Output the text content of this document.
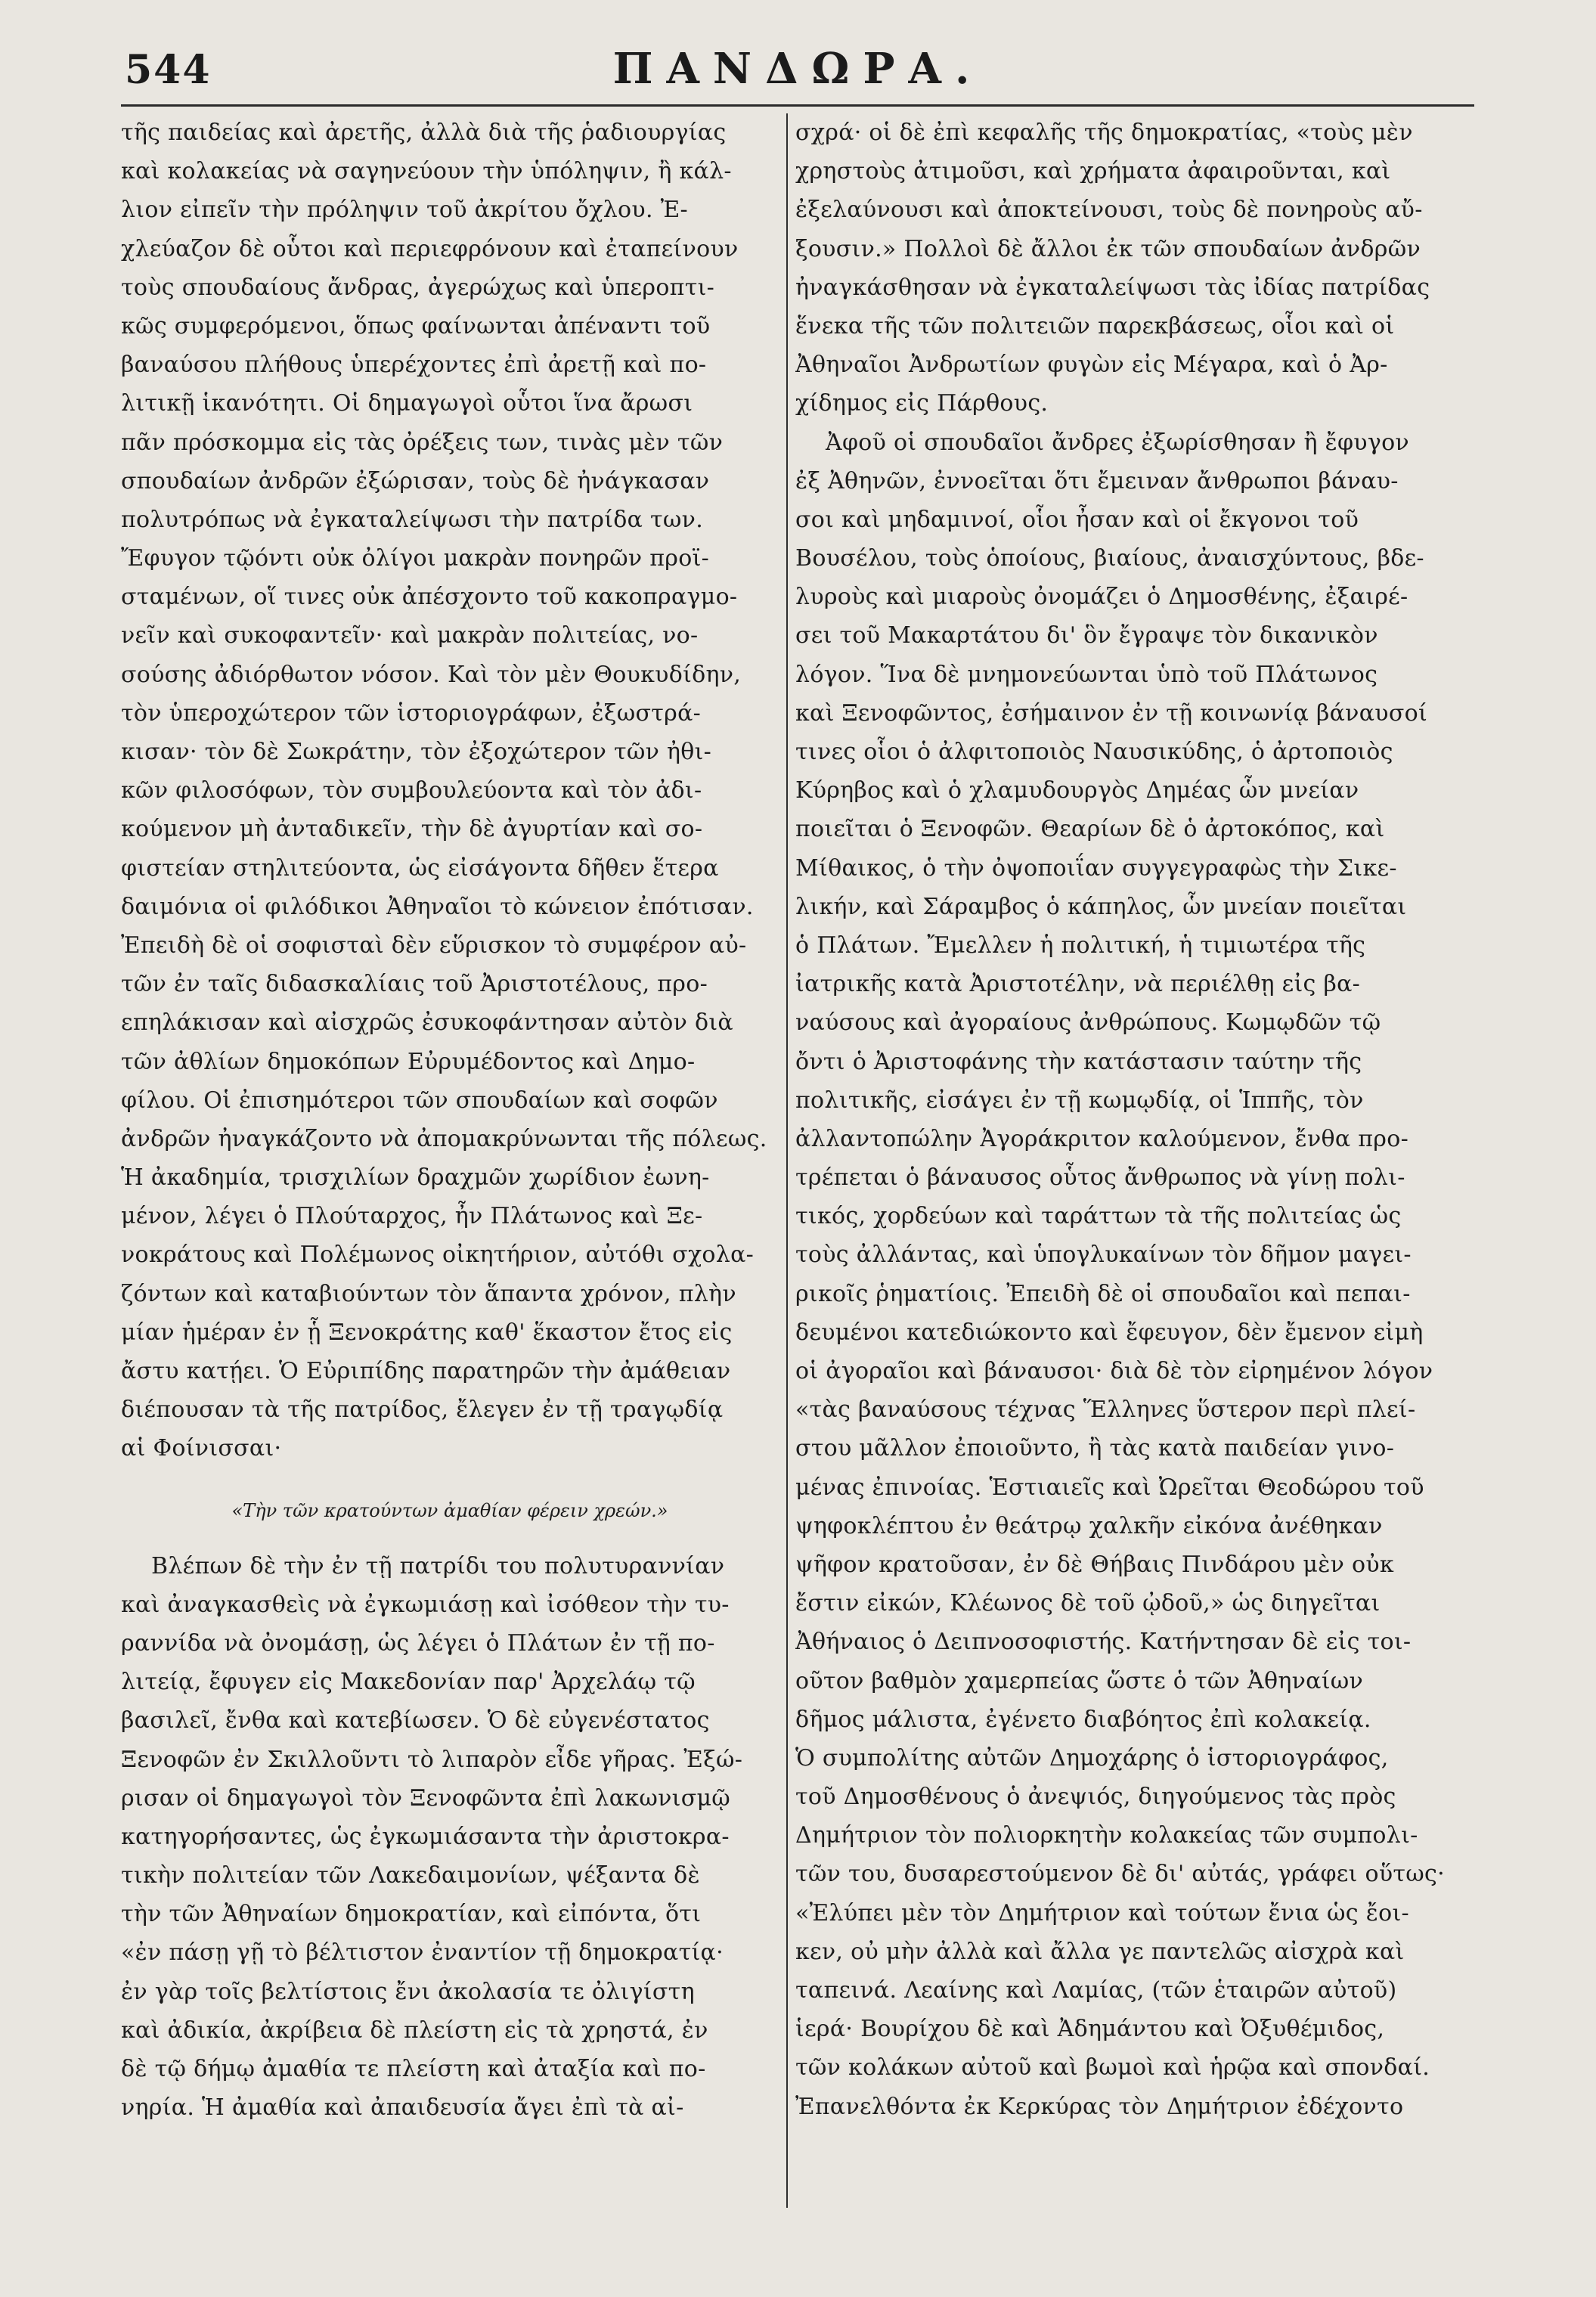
544	ΠΑΝΔΩΡΑ.
τῆς παιδείας καὶ ἀρετῆς, ἀλλὰ διὰ τῆς ῥαδιουργίας
καὶ κολακείας νὰ σαγηνεύουν τὴν ὑπόληψιν, ἢ κάλ-
λιον εἰπεῖν τὴν πρόληψιν τοῦ ἀκρίτου ὄχλου. Ἐ-
χλεύαζον δὲ οὗτοι καὶ περιεφρόνουν καὶ ἐταπείνουν
τοὺς σπουδαίους ἄνδρας, ἀγερώχως καὶ ὑπεροπτι-
κῶς συμφερόμενοι, ὅπως φαίνωνται ἀπέναντι τοῦ
βαναύσου πλήθους ὑπερέχοντες ἐπὶ ἀρετῇ καὶ πο-
λιτικῇ ἱκανότητι. Οἱ δημαγωγοὶ οὗτοι ἵνα ἄρωσι
πᾶν πρόσκομμα εἰς τὰς ὀρέξεις των, τινὰς μὲν τῶν
σπουδαίων ἀνδρῶν ἐξώρισαν, τοὺς δὲ ἠνάγκασαν
πολυτρόπως νὰ ἐγκαταλείψωσι τὴν πατρίδα των.
Ἔφυγον τῷόντι οὐκ ὀλίγοι μακρὰν πονηρῶν προϊ-
σταμένων, οἵ τινες οὐκ ἀπέσχοντο τοῦ κακοπραγμο-
νεῖν καὶ συκοφαντεῖν· καὶ μακρὰν πολιτείας, νο-
σούσης ἀδιόρθωτον νόσον. Καὶ τὸν μὲν Θουκυδίδην,
τὸν ὑπεροχώτερον τῶν ἱστοριογράφων, ἐξωστρά-
κισαν· τὸν δὲ Σωκράτην, τὸν ἐξοχώτερον τῶν ἠθι-
κῶν φιλοσόφων, τὸν συμβουλεύοντα καὶ τὸν ἀδι-
κούμενον μὴ ἀνταδικεῖν, τὴν δὲ ἀγυρτίαν καὶ σο-
φιστείαν στηλιτεύοντα, ὡς εἰσάγοντα δῆθεν ἕτερα
δαιμόνια οἱ φιλόδικοι Ἀθηναῖοι τὸ κώνειον ἐπότισαν.
Ἐπειδὴ δὲ οἱ σοφισταὶ δὲν εὕρισκον τὸ συμφέρον αὐ-
τῶν ἐν ταῖς διδασκαλίαις τοῦ Ἀριστοτέλους, προ-
επηλάκισαν καὶ αἰσχρῶς ἐσυκοφάντησαν αὐτὸν διὰ
τῶν ἀθλίων δημοκόπων Εὐρυμέδοντος καὶ Δημο-
φίλου. Οἱ ἐπισημότεροι τῶν σπουδαίων καὶ σοφῶν
ἀνδρῶν ἠναγκάζοντο νὰ ἀπομακρύνωνται τῆς πόλεως.
Ἡ ἀκαδημία, τρισχιλίων δραχμῶν χωρίδιον ἐωνη-
μένον, λέγει ὁ Πλούταρχος, ἦν Πλάτωνος καὶ Ξε-
νοκράτους καὶ Πολέμωνος οἰκητήριον, αὐτόθι σχολα-
ζόντων καὶ καταβιούντων τὸν ἅπαντα χρόνον, πλὴν
μίαν ἡμέραν ἐν ᾗ Ξενοκράτης καθ' ἕκαστον ἔτος εἰς
ἄστυ κατῄει. Ὁ Εὐριπίδης παρατηρῶν τὴν ἀμάθειαν
διέπουσαν τὰ τῆς πατρίδος, ἔλεγεν ἐν τῇ τραγῳδίᾳ
αἱ Φοίνισσαι·
«Τὴν τῶν κρατούντων ἀμαθίαν φέρειν χρεών.»
Βλέπων δὲ τὴν ἐν τῇ πατρίδι του πολυτυραννίαν
καὶ ἀναγκασθεὶς νὰ ἐγκωμιάσῃ καὶ ἰσόθεον τὴν τυ-
ραννίδα νὰ ὀνομάσῃ, ὡς λέγει ὁ Πλάτων ἐν τῇ πο-
λιτείᾳ, ἔφυγεν εἰς Μακεδονίαν παρ' Ἀρχελάῳ τῷ
βασιλεῖ, ἔνθα καὶ κατεβίωσεν. Ὁ δὲ εὐγενέστατος
Ξενοφῶν ἐν Σκιλλοῦντι τὸ λιπαρὸν εἶδε γῆρας. Ἐξώ-
ρισαν οἱ δημαγωγοὶ τὸν Ξενοφῶντα ἐπὶ λακωνισμῷ
κατηγορήσαντες, ὡς ἐγκωμιάσαντα τὴν ἀριστοκρα-
τικὴν πολιτείαν τῶν Λακεδαιμονίων, ψέξαντα δὲ
τὴν τῶν Ἀθηναίων δημοκρατίαν, καὶ εἰπόντα, ὅτι
«ἐν πάσῃ γῇ τὸ βέλτιστον ἐναντίον τῇ δημοκρατίᾳ·
ἐν γὰρ τοῖς βελτίστοις ἔνι ἀκολασία τε ὀλιγίστη
καὶ ἀδικία, ἀκρίβεια δὲ πλείστη εἰς τὰ χρηστά, ἐν
δὲ τῷ δήμῳ ἀμαθία τε πλείστη καὶ ἀταξία καὶ πο-
νηρία. Ἡ ἀμαθία καὶ ἀπαιδευσία ἄγει ἐπὶ τὰ αἰ-
σχρά· οἱ δὲ ἐπὶ κεφαλῆς τῆς δημοκρατίας, «τοὺς μὲν
χρηστοὺς ἀτιμοῦσι, καὶ χρήματα ἀφαιροῦνται, καὶ
ἐξελαύνουσι καὶ ἀποκτείνουσι, τοὺς δὲ πονηροὺς αὔ-
ξουσιν.» Πολλοὶ δὲ ἄλλοι ἐκ τῶν σπουδαίων ἀνδρῶν
ἠναγκάσθησαν νὰ ἐγκαταλείψωσι τὰς ἰδίας πατρίδας
ἕνεκα τῆς τῶν πολιτειῶν παρεκβάσεως, οἷοι καὶ οἱ
Ἀθηναῖοι Ἀνδρωτίων φυγὼν εἰς Μέγαρα, καὶ ὁ Ἀρ-
χίδημος εἰς Πάρθους.
Ἀφοῦ οἱ σπουδαῖοι ἄνδρες ἐξωρίσθησαν ἢ ἔφυγον
ἐξ Ἀθηνῶν, ἐννοεῖται ὅτι ἔμειναν ἄνθρωποι βάναυ-
σοι καὶ μηδαμινοί, οἷοι ἦσαν καὶ οἱ ἔκγονοι τοῦ
Βουσέλου, τοὺς ὁποίους, βιαίους, ἀναισχύντους, βδε-
λυροὺς καὶ μιαροὺς ὀνομάζει ὁ Δημοσθένης, ἐξαιρέ-
σει τοῦ Μακαρτάτου δι' ὃν ἔγραψε τὸν δικανικὸν
λόγον. Ἵνα δὲ μνημονεύωνται ὑπὸ τοῦ Πλάτωνος
καὶ Ξενοφῶντος, ἐσήμαινον ἐν τῇ κοινωνίᾳ βάναυσοί
τινες οἷοι ὁ ἀλφιτοποιὸς Ναυσικύδης, ὁ ἀρτοποιὸς
Κύρηβος καὶ ὁ χλαμυδουργὸς Δημέας ὧν μνείαν
ποιεῖται ὁ Ξενοφῶν. Θεαρίων δὲ ὁ ἀρτοκόπος, καὶ
Μίθαικος, ὁ τὴν ὀψοποιΐαν συγγεγραφὼς τὴν Σικε-
λικήν, καὶ Σάραμβος ὁ κάπηλος, ὧν μνείαν ποιεῖται
ὁ Πλάτων. Ἔμελλεν ἡ πολιτική, ἡ τιμιωτέρα τῆς
ἰατρικῆς κατὰ Ἀριστοτέλην, νὰ περιέλθῃ εἰς βα-
ναύσους καὶ ἀγοραίους ἀνθρώπους. Κωμῳδῶν τῷ
ὄντι ὁ Ἀριστοφάνης τὴν κατάστασιν ταύτην τῆς
πολιτικῆς, εἰσάγει ἐν τῇ κωμῳδίᾳ, οἱ Ἱππῆς, τὸν
ἀλλαντοπώλην Ἀγοράκριτον καλούμενον, ἔνθα προ-
τρέπεται ὁ βάναυσος οὗτος ἄνθρωπος νὰ γίνῃ πολι-
τικός, χορδεύων καὶ ταράττων τὰ τῆς πολιτείας ὡς
τοὺς ἀλλάντας, καὶ ὑπογλυκαίνων τὸν δῆμον μαγει-
ρικοῖς ῥηματίοις. Ἐπειδὴ δὲ οἱ σπουδαῖοι καὶ πεπαι-
δευμένοι κατεδιώκοντο καὶ ἔφευγον, δὲν ἔμενον εἰμὴ
οἱ ἀγοραῖοι καὶ βάναυσοι· διὰ δὲ τὸν εἰρημένον λόγον
«τὰς βαναύσους τέχνας Ἕλληνες ὕστερον περὶ πλεί-
στου μᾶλλον ἐποιοῦντο, ἢ τὰς κατὰ παιδείαν γινο-
μένας ἐπινοίας. Ἑστιαιεῖς καὶ Ὠρεῖται Θεοδώρου τοῦ
ψηφοκλέπτου ἐν θεάτρῳ χαλκῆν εἰκόνα ἀνέθηκαν
ψῆφον κρατοῦσαν, ἐν δὲ Θήβαις Πινδάρου μὲν οὐκ
ἔστιν εἰκών, Κλέωνος δὲ τοῦ ᾠδοῦ,» ὡς διηγεῖται
Ἀθήναιος ὁ Δειπνοσοφιστής. Κατήντησαν δὲ εἰς τοι-
οῦτον βαθμὸν χαμερπείας ὥστε ὁ τῶν Ἀθηναίων
δῆμος μάλιστα, ἐγένετο διαβόητος ἐπὶ κολακείᾳ.
Ὁ συμπολίτης αὐτῶν Δημοχάρης ὁ ἱστοριογράφος,
τοῦ Δημοσθένους ὁ ἀνεψιός, διηγούμενος τὰς πρὸς
Δημήτριον τὸν πολιορκητὴν κολακείας τῶν συμπολι-
τῶν του, δυσαρεστούμενον δὲ δι' αὐτάς, γράφει οὕτως·
«Ἐλύπει μὲν τὸν Δημήτριον καὶ τούτων ἔνια ὡς ἔοι-
κεν, οὐ μὴν ἀλλὰ καὶ ἄλλα γε παντελῶς αἰσχρὰ καὶ
ταπεινά. Λεαίνης καὶ Λαμίας, (τῶν ἑταιρῶν αὐτοῦ)
ἱερά· Βουρίχου δὲ καὶ Ἀδημάντου καὶ Ὀξυθέμιδος,
τῶν κολάκων αὐτοῦ καὶ βωμοὶ καὶ ἡρῷα καὶ σπονδαί.
Ἐπανελθόντα ἐκ Κερκύρας τὸν Δημήτριον ἐδέχοντο
